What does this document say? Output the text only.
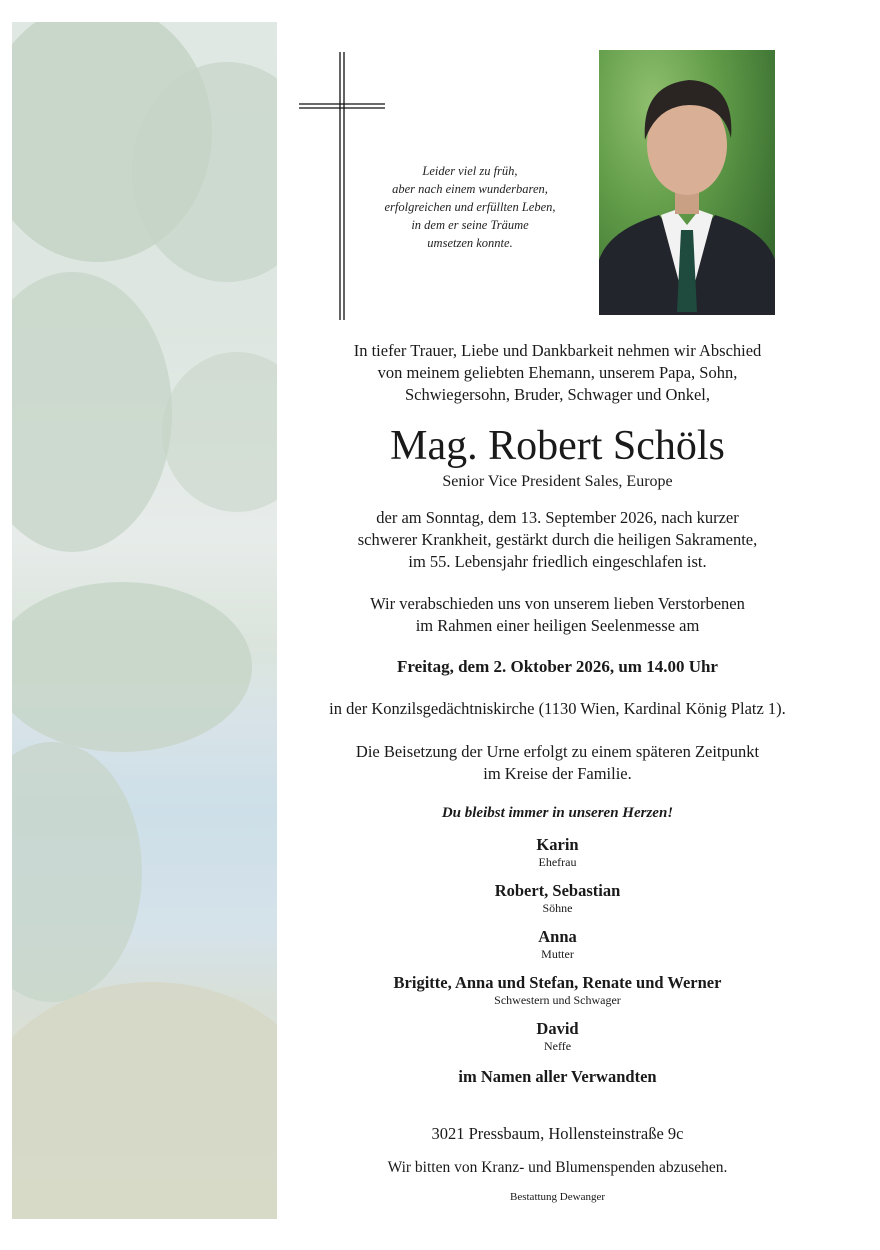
Leider viel zu früh,
aber nach einem wunderbaren,
erfolgreichen und erfüllten Leben,
in dem er seine Träume
umsetzen konnte.
In tiefer Trauer, Liebe und Dankbarkeit nehmen wir Abschied
von meinem geliebten Ehemann, unserem Papa, Sohn,
Schwiegersohn, Bruder, Schwager und Onkel,
Mag. Robert Schöls
Senior Vice President Sales, Europe
der am Sonntag, dem 13. September 2026, nach kurzer
schwerer Krankheit, gestärkt durch die heiligen Sakramente,
im 55. Lebensjahr friedlich eingeschlafen ist.
Wir verabschieden uns von unserem lieben Verstorbenen
im Rahmen einer heiligen Seelenmesse am
Freitag, dem 2. Oktober 2026, um 14.00 Uhr
in der Konzilsgedächtniskirche (1130 Wien, Kardinal König Platz 1).
Die Beisetzung der Urne erfolgt zu einem späteren Zeitpunkt
im Kreise der Familie.
Du bleibst immer in unseren Herzen!
Karin
Ehefrau
Robert, Sebastian
Söhne
Anna
Mutter
Brigitte, Anna und Stefan, Renate und Werner
Schwestern und Schwager
David
Neffe
im Namen aller Verwandten
3021 Pressbaum, Hollensteinstraße 9c
Wir bitten von Kranz- und Blumenspenden abzusehen.
Bestattung Dewanger
